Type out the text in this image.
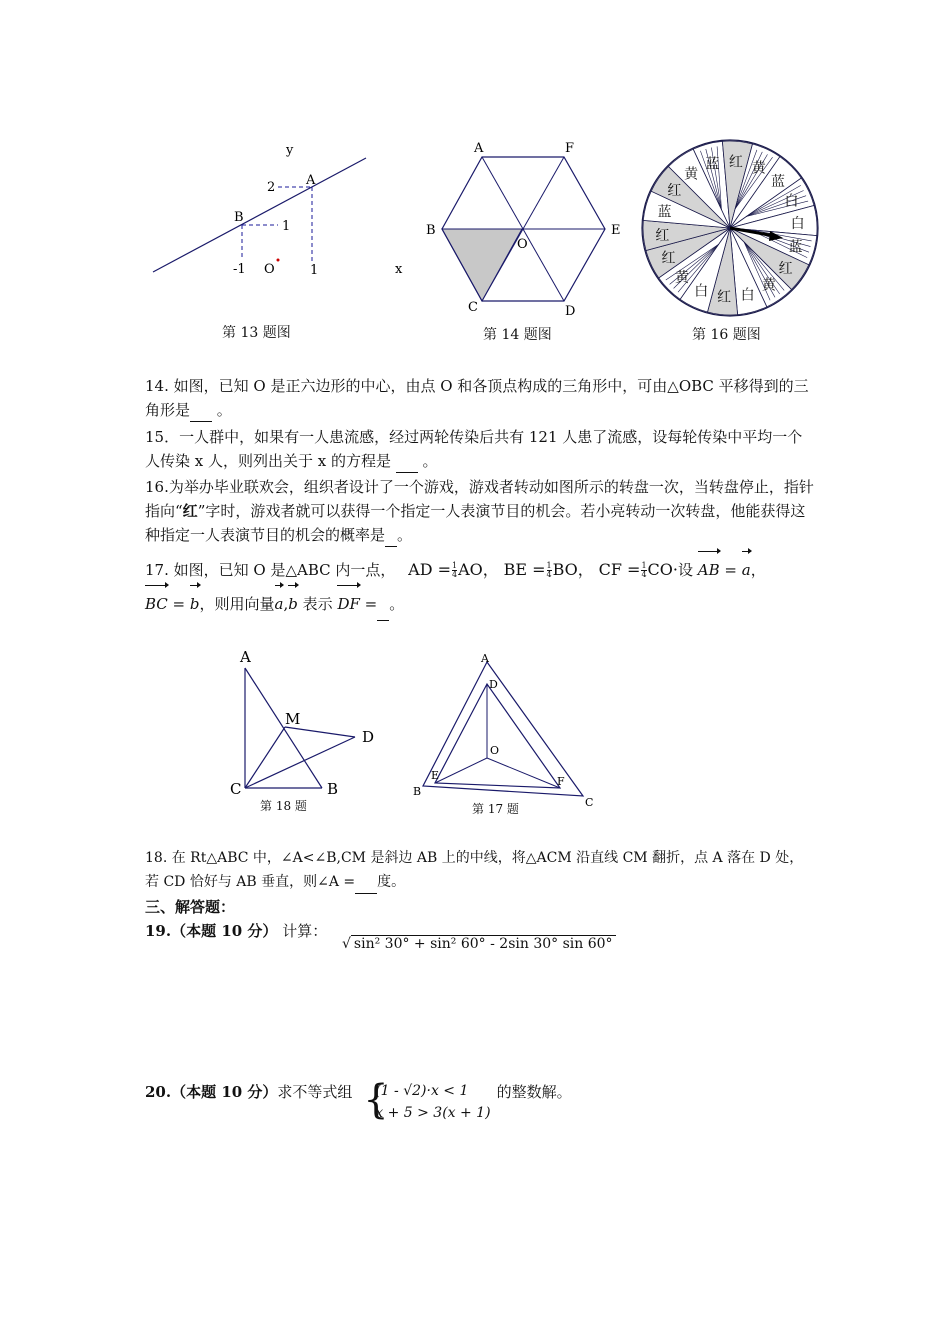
y
A
2
B
1
-1 O	1	x
第 13 题图
A	F
B	E
O
C	D
第 14 题图
蓝 红 黄
蓝
白
白
蓝
红
黄
白
红
白
黄
红
红
蓝
红
黄
第 16 题图
14. 如图，已知 O 是正六边形的中心，由点 O 和各顶点构成的三角形中，可由△OBC 平移得到的三角形是 。
15．一人群中，如果有一人患流感，经过两轮传染后共有 121 人患了流感，设每轮传染中平均一个人传染 x 人，则列出关于 x 的方程是  。
16.为举办毕业联欢会，组织者设计了一个游戏，游戏者转动如图所示的转盘一次，当转盘停止，指针指向“红”字时，游戏者就可以获得一个指定一人表演节目的机会。若小亮转动一次转盘，他能获得这种指定一人表演节目的机会的概率是 。
17. 如图，已知 O 是△ABC 内一点， AD = $\frac{1}{4}$ AO， BE = $\frac{1}{4}$ BO， CF = $\frac{1}{4} CO\cdot$设 AB = a，
BC = b，则用向量a,b 表示 DF = 。
A
M
D
C	B
第 18 题
A
D
O
E	F
B
C
第 17 题
18. 在 Rt△ABC 中，∠A<∠B,CM 是斜边 AB 上的中线，将△ACM 沿直线 CM 翻折，点 A 落在 D 处，
若 CD 恰好与 AB 垂直，则∠A = 度。
三、解答题：
19.（本题 10 分） 计算： √ sin² 30° + sin² 60° - 2sin 30° sin 60°
20.（本题 10 分）求不等式组 {
(1 - √2)·x < 1
x + 5 > 3(x + 1)
的整数解。
